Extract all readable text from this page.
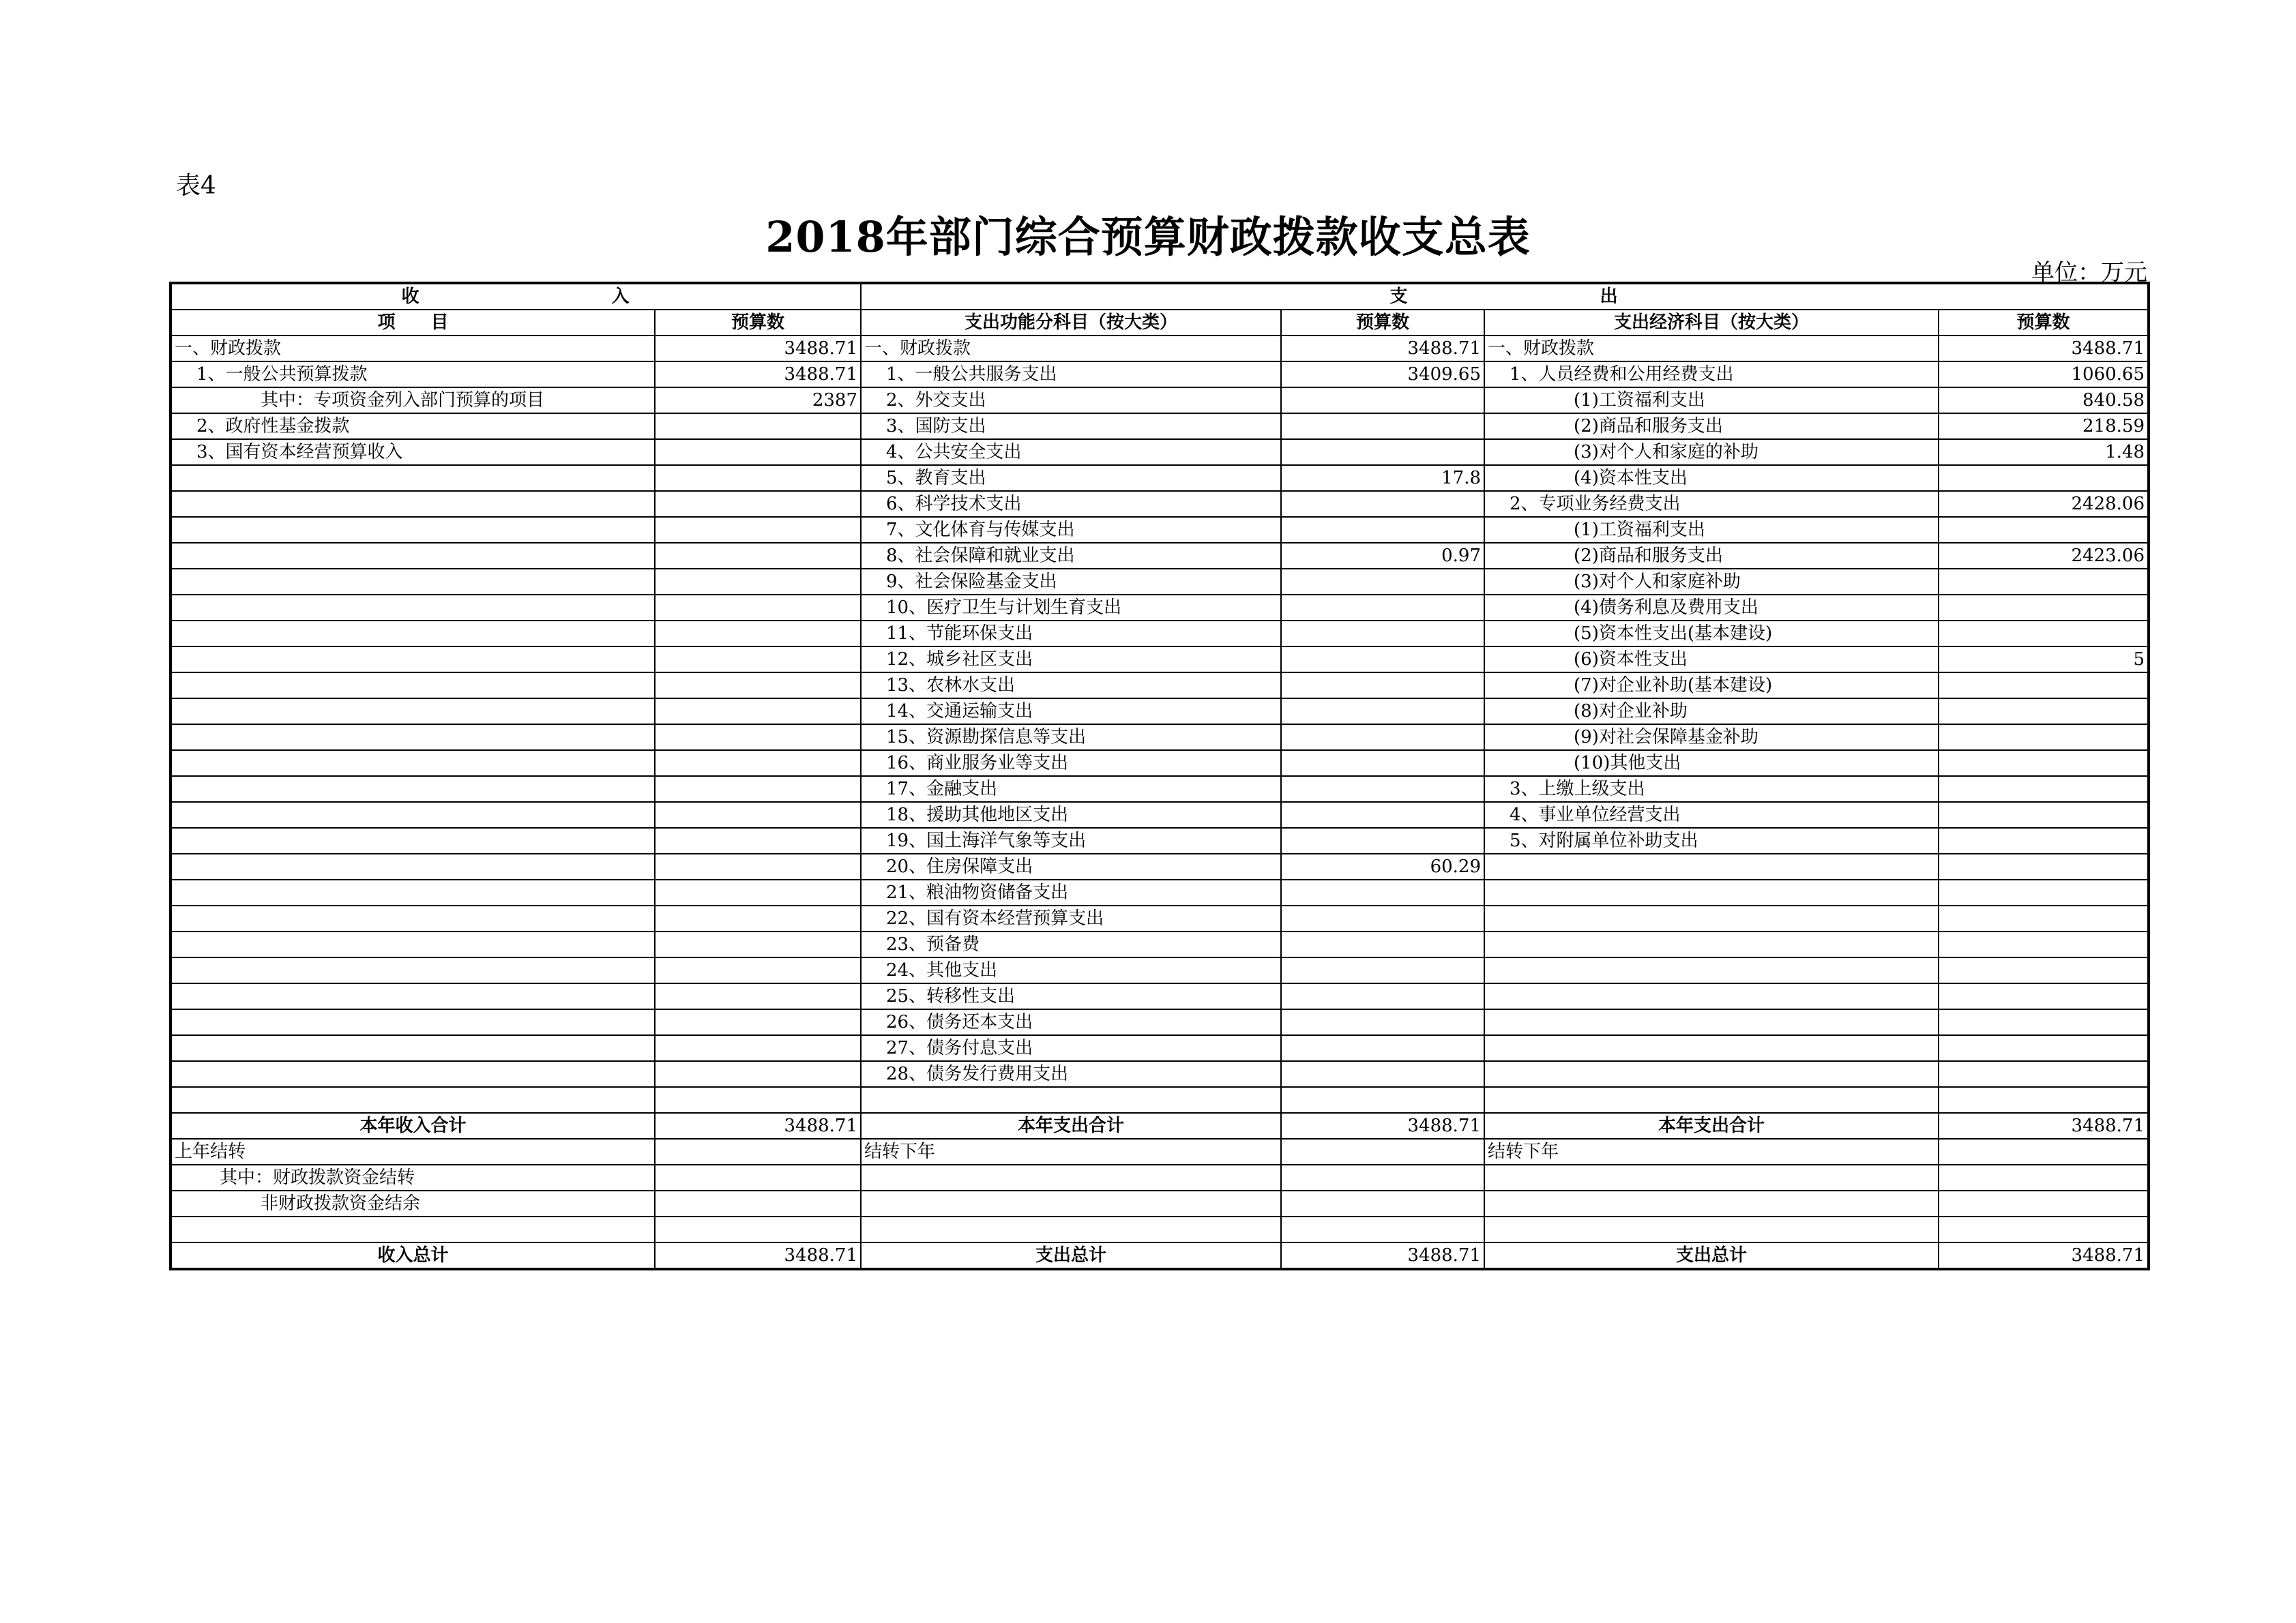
表4
2018年部门综合预算财政拨款收支总表
单位：万元
收　　　　　　　　　　入		支　　　　　　　　　　出			
项　　目	预算数	支出功能分科目（按大类）	预算数	支出经济科目（按大类）	预算数
一、财政拨款	3488.71	一、财政拨款	3488.71	一、财政拨款	3488.71
1、一般公共预算拨款	3488.71	1、一般公共服务支出	3409.65	1、人员经费和公用经费支出	1060.65
其中：专项资金列入部门预算的项目	2387	2、外交支出		(1)工资福利支出	840.58
2、政府性基金拨款		3、国防支出		(2)商品和服务支出	218.59
3、国有资本经营预算收入		4、公共安全支出		(3)对个人和家庭的补助	1.48
		5、教育支出	17.8	(4)资本性支出	
		6、科学技术支出		2、专项业务经费支出	2428.06
		7、文化体育与传媒支出		(1)工资福利支出	
		8、社会保障和就业支出	0.97	(2)商品和服务支出	2423.06
		9、社会保险基金支出		(3)对个人和家庭补助	
		10、医疗卫生与计划生育支出		(4)债务利息及费用支出	
		11、节能环保支出		(5)资本性支出(基本建设)	
		12、城乡社区支出		(6)资本性支出	5
		13、农林水支出		(7)对企业补助(基本建设)	
		14、交通运输支出		(8)对企业补助	
		15、资源勘探信息等支出		(9)对社会保障基金补助	
		16、商业服务业等支出		(10)其他支出	
		17、金融支出		3、上缴上级支出	
		18、援助其他地区支出		4、事业单位经营支出	
		19、国土海洋气象等支出		5、对附属单位补助支出	
		20、住房保障支出	60.29		
		21、粮油物资储备支出			
		22、国有资本经营预算支出			
		23、预备费			
		24、其他支出			
		25、转移性支出			
		26、债务还本支出			
		27、债务付息支出			
		28、债务发行费用支出			

本年收入合计	3488.71	本年支出合计	3488.71	本年支出合计	3488.71
上年结转		结转下年		结转下年	
其中：财政拨款资金结转					
非财政拨款资金结余					

收入总计	3488.71	支出总计	3488.71	支出总计	3488.71
